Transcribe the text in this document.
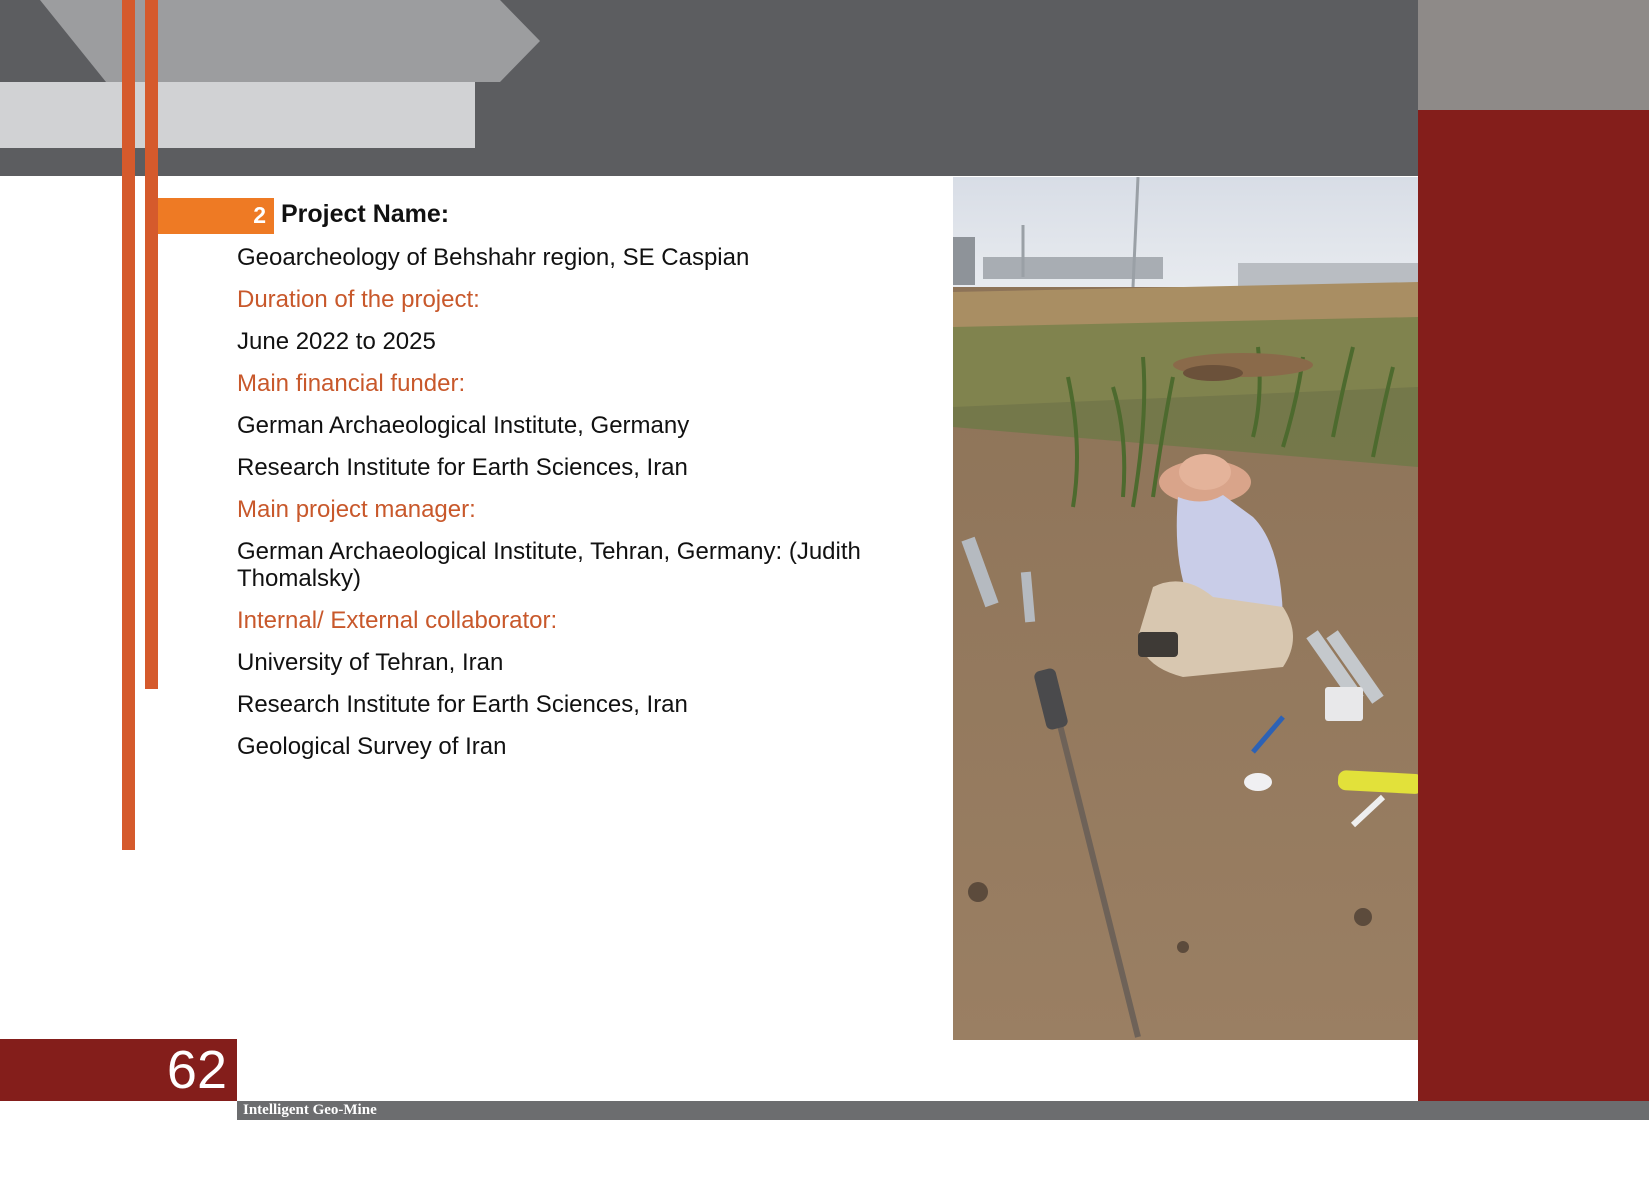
2 Project Name:
Geoarcheology of Behshahr region, SE Caspian
Duration of the project:
June 2022 to 2025
Main financial funder:
German Archaeological Institute, Germany
Research Institute for Earth Sciences, Iran
Main project manager:
German Archaeological Institute, Tehran, Germany: (Judith Thomalsky)
Internal/ External collaborator:
University of Tehran, Iran
Research Institute for Earth Sciences, Iran
Geological Survey of Iran
62
Intelligent Geo-Mine
